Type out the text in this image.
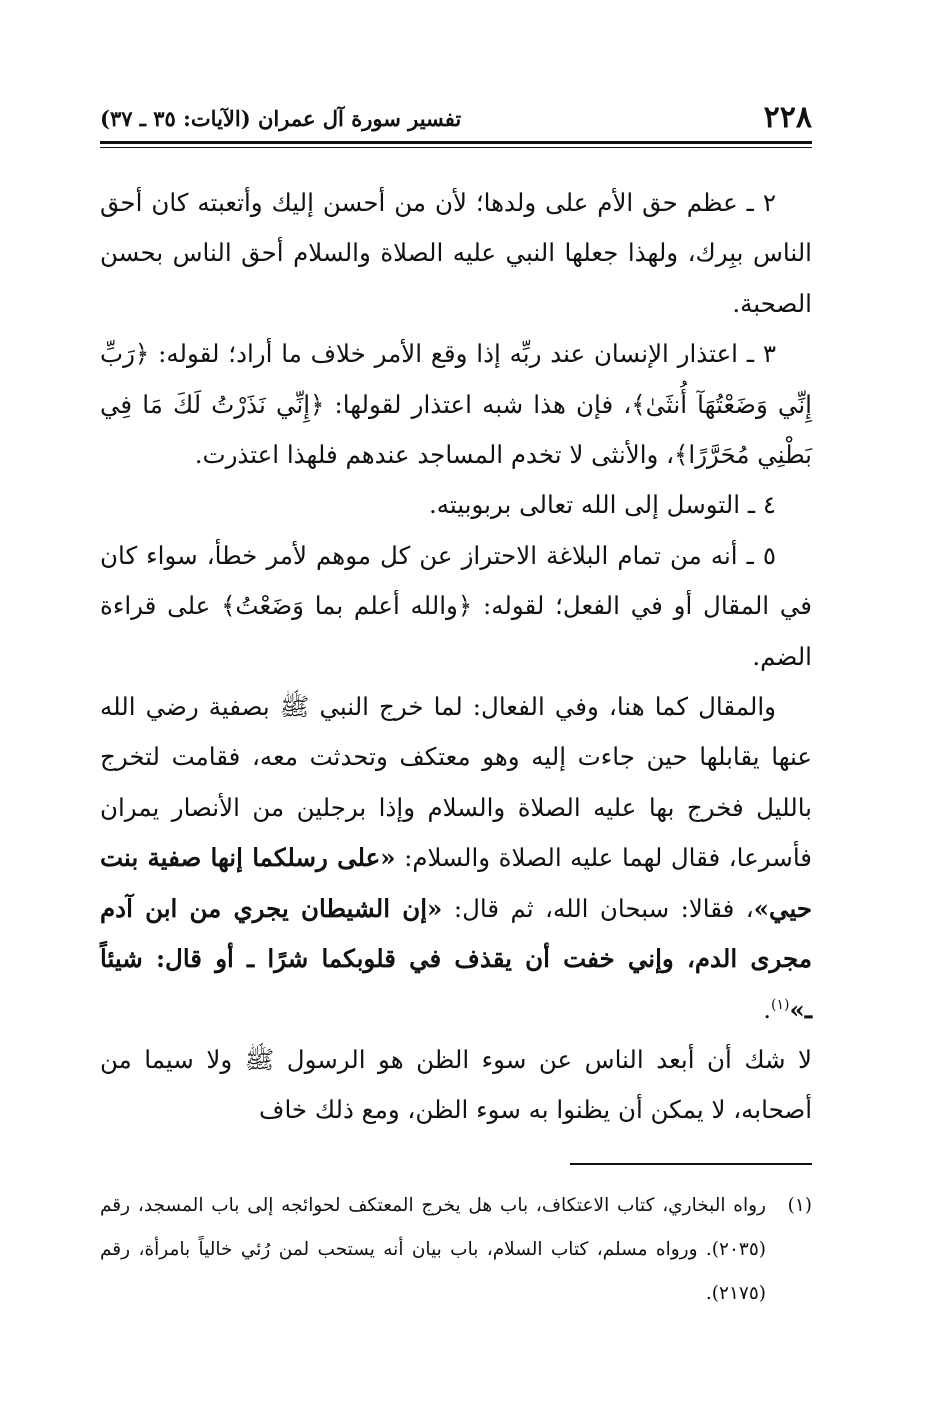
٢٢٨
تفسير سورة آل عمران (الآيات: ٣٥ ـ ٣٧)

٢ ـ عظم حق الأم على ولدها؛ لأن من أحسن إليك وأتعبته كان أحق الناس ببِرك، ولهذا جعلها النبي عليه الصلاة والسلام أحق الناس بحسن الصحبة.

٣ ـ اعتذار الإنسان عند ربِّه إذا وقع الأمر خلاف ما أراد؛ لقوله: ﴿رَبِّ إِنِّي وَضَعْتُهَآ أُنثَىٰ﴾، فإن هذا شبه اعتذار لقولها: ﴿إِنِّي نَذَرْتُ لَكَ مَا فِي بَطْنِي مُحَرَّرًا﴾، والأنثى لا تخدم المساجد عندهم فلهذا اعتذرت.

٤ ـ التوسل إلى الله تعالى بربوبيته.

٥ ـ أنه من تمام البلاغة الاحتراز عن كل موهم لأمر خطأ، سواء كان في المقال أو في الفعل؛ لقوله: ﴿والله أعلم بما وَضَعْتُ﴾ على قراءة الضم.

والمقال كما هنا، وفي الفعال: لما خرج النبي ﷺ بصفية رضي الله عنها يقابلها حين جاءت إليه وهو معتكف وتحدثت معه، فقامت لتخرج بالليل فخرج بها عليه الصلاة والسلام وإذا برجلين من الأنصار يمران فأسرعا، فقال لهما عليه الصلاة والسلام: «على رسلكما إنها صفية بنت حيي»، فقالا: سبحان الله، ثم قال: «إن الشيطان يجري من ابن آدم مجرى الدم، وإني خفت أن يقذف في قلوبكما شرًا ـ أو قال: شيئاً ـ»$^{(١)}$.

لا شك أن أبعد الناس عن سوء الظن هو الرسول ﷺ ولا سيما من أصحابه، لا يمكن أن يظنوا به سوء الظن، ومع ذلك خاف

(١)
رواه البخاري، كتاب الاعتكاف، باب هل يخرج المعتكف لحوائجه إلى باب المسجد، رقم (٢٠٣٥). ورواه مسلم، كتاب السلام، باب بيان أنه يستحب لمن رُئي خالياً بامرأة، رقم (٢١٧٥).
